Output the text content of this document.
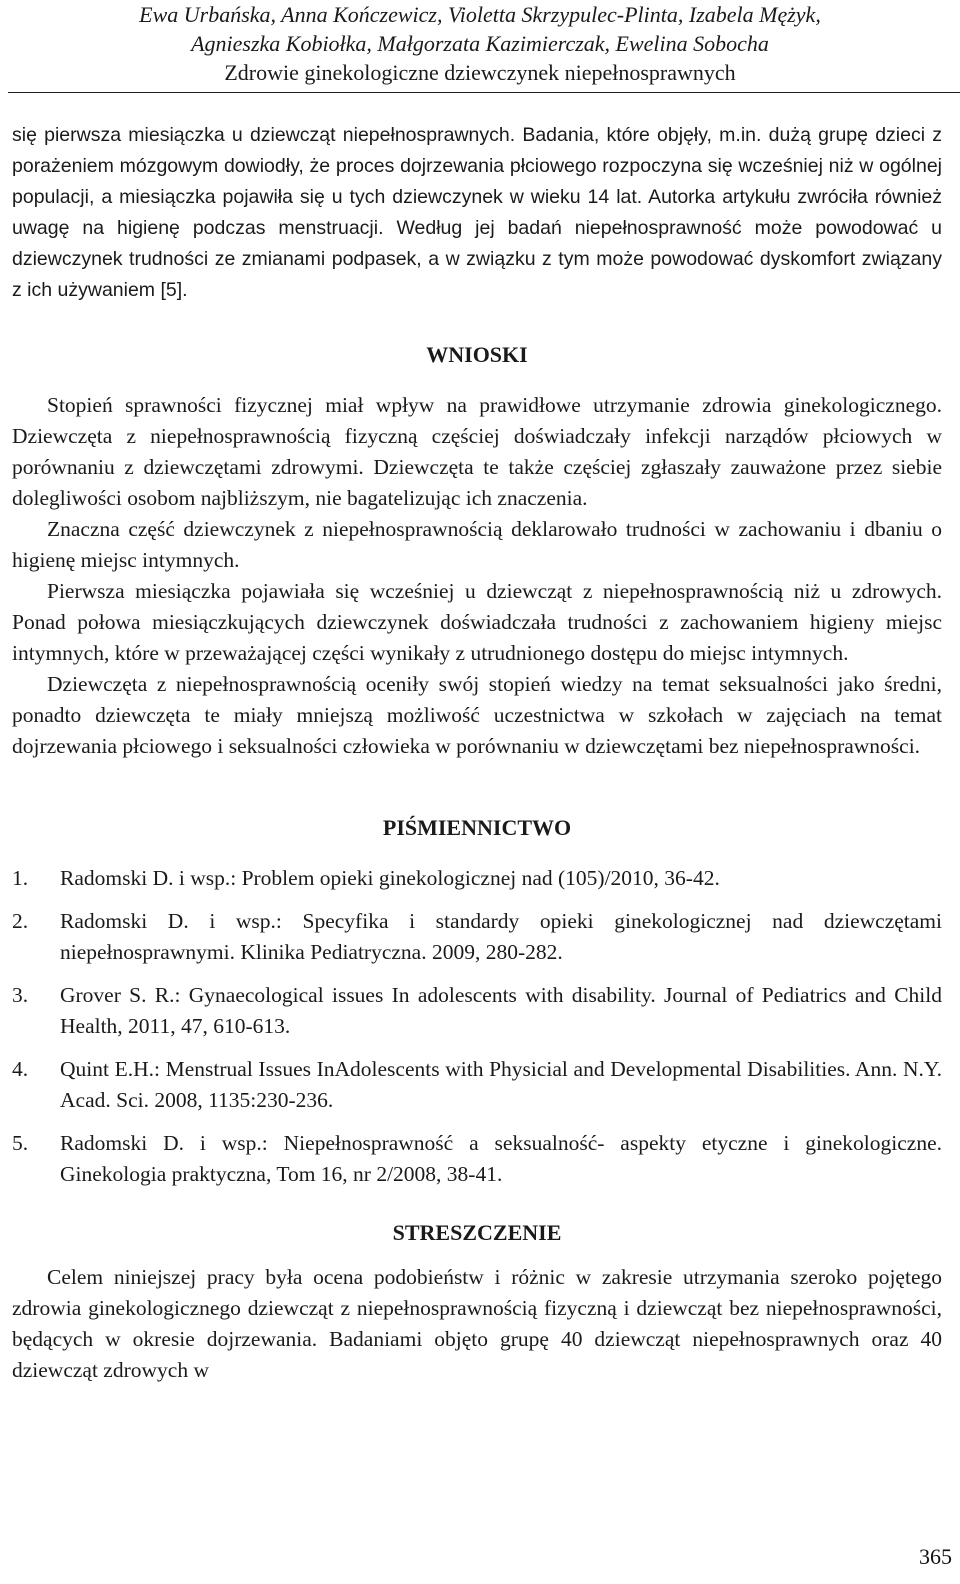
Ewa Urbańska, Anna Kończewicz, Violetta Skrzypulec-Plinta, Izabela Mężyk,
Agnieszka Kobiołka, Małgorzata Kazimierczak, Ewelina Sobocha
Zdrowie ginekologiczne dziewczynek niepełnosprawnych

się pierwsza miesiączka u dziewcząt niepełnosprawnych. Badania, które objęły, m.in. dużą grupę dzieci z porażeniem mózgowym dowiodły, że proces dojrzewania płciowego rozpoczyna się wcześniej niż w ogólnej populacji, a miesiączka pojawiła się u tych dziewczynek w wieku 14 lat. Autorka artykułu zwróciła również uwagę na higienę podczas menstruacji. Według jej badań niepełnosprawność może powodować u dziewczynek trudności ze zmianami podpasek, a w związku z tym może powodować dyskomfort związany z ich używaniem [5].

WNIOSKI

Stopień sprawności fizycznej miał wpływ na prawidłowe utrzymanie zdrowia ginekologicznego. Dziewczęta z niepełnosprawnością fizyczną częściej doświadczały infekcji narządów płciowych w porównaniu z dziewczętami zdrowymi. Dziewczęta te także częściej zgłaszały zauważone przez siebie dolegliwości osobom najbliższym, nie bagatelizując ich znaczenia.

Znaczna część dziewczynek z niepełnosprawnością deklarowało trudności w zachowaniu i dbaniu o higienę miejsc intymnych.

Pierwsza miesiączka pojawiała się wcześniej u dziewcząt z niepełnosprawnością niż u zdrowych. Ponad połowa miesiączkujących dziewczynek doświadczała trudności z zachowaniem higieny miejsc intymnych, które w przeważającej części wynikały z utrudnionego dostępu do miejsc intymnych.

Dziewczęta z niepełnosprawnością oceniły swój stopień wiedzy na temat seksualności jako średni, ponadto dziewczęta te miały mniejszą możliwość uczestnictwa w szkołach w zajęciach na temat dojrzewania płciowego i seksualności człowieka w porównaniu w dziewczętami bez niepełnosprawności.

PIŚMIENNICTWO
1.	Radomski D. i wsp.: Problem opieki ginekologicznej nad (105)/2010, 36-42.
2.	Radomski D. i wsp.: Specyfika i standardy opieki ginekologicznej nad dziewczętami niepełnosprawnymi. Klinika Pediatryczna. 2009, 280-282.
3.	Grover S. R.: Gynaecological issues In adolescents with disability. Journal of Pediatrics and Child Health, 2011, 47, 610-613.
4.	Quint E.H.: Menstrual Issues InAdolescents with Physicial and Developmental Disabilities. Ann. N.Y. Acad. Sci. 2008, 1135:230-236.
5.	Radomski D. i wsp.: Niepełnosprawność a seksualność- aspekty etyczne i ginekologiczne. Ginekologia praktyczna, Tom 16, nr 2/2008, 38-41.
STRESZCZENIE

Celem niniejszej pracy była ocena podobieństw i różnic w zakresie utrzymania szeroko pojętego zdrowia ginekologicznego dziewcząt z niepełnosprawnością fizyczną i dziewcząt bez niepełnosprawności, będących w okresie dojrzewania. Badaniami objęto grupę 40 dziewcząt niepełnosprawnych oraz 40 dziewcząt zdrowych w

365
